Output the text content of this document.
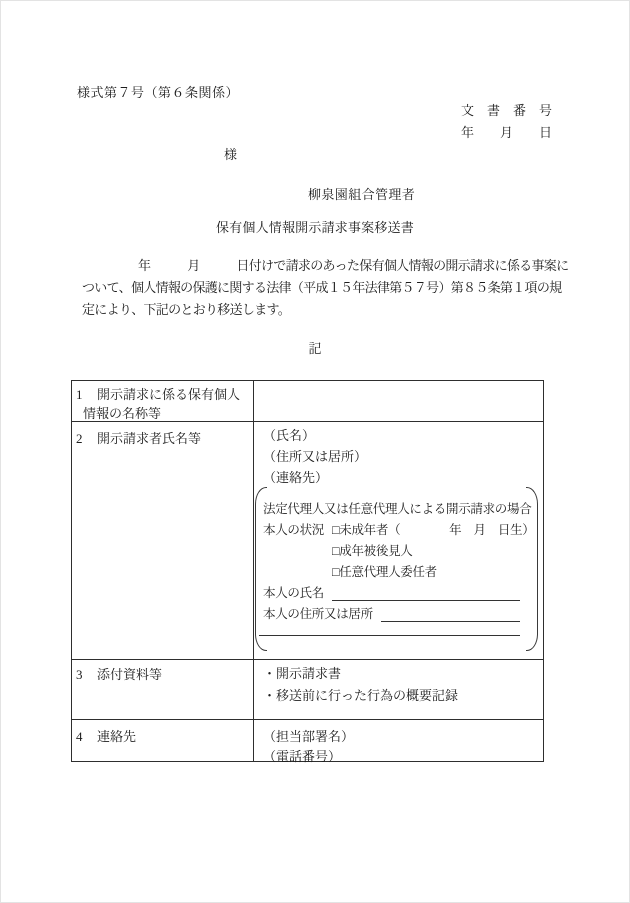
様式第７号（第６条関係）
文　書　番　号
年　　月　　日
様
柳泉園組合管理者
保有個人情報開示請求事案移送書
年　　　月　　　日付けで請求のあった保有個人情報の開示請求に係る事案に
ついて、個人情報の保護に関する法律（平成１５年法律第５７号）第８５条第１項の規
定により、下記のとおり移送します。
記
1 開示請求に係る保有個人
情報の名称等
2 開示請求者氏名等	（氏名）
（住所又は居所）
（連絡先）
法定代理人又は任意代理人による開示請求の場合
本人の状況 □未成年者（　　　　年　月　日生）
□成年被後見人
□任意代理人委任者
本人の氏名
本人の住所又は居所
3 添付資料等	・開示請求書
・移送前に行った行為の概要記録
4 連絡先	（担当部署名）
（電話番号）
